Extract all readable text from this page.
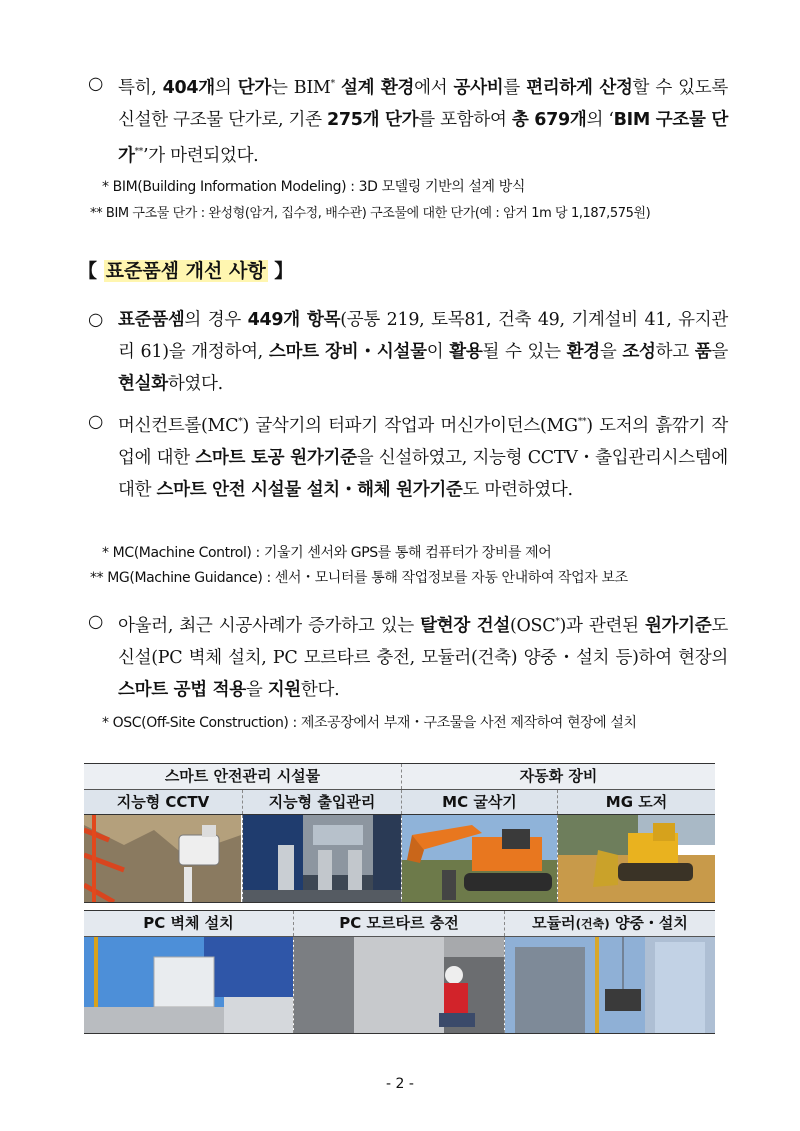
○ 특히, 404개의 단가는 BIM* 설계 환경에서 공사비를 편리하게 산정할 수 있도록 신설한 구조물 단가로, 기존 275개 단가를 포함하여 총 679개의 ‘BIM 구조물 단가**’가 마련되었다.
* BIM(Building Information Modeling) : 3D 모델링 기반의 설계 방식
** BIM 구조물 단가 : 완성형(암거, 집수정, 배수관) 구조물에 대한 단가(예 : 암거 1m 당 1,187,575원)
【 표준품셈 개선 사항 】
○ 표준품셈의 경우 449개 항목(공통 219, 토목81, 건축 49, 기계설비 41, 유지관리 61)을 개정하여, 스마트 장비・시설물이 활용될 수 있는 환경을 조성하고 품을 현실화하였다.
○ 머신컨트롤(MC*) 굴삭기의 터파기 작업과 머신가이던스(MG**) 도저의 흙깎기 작업에 대한 스마트 토공 원가기준을 신설하였고, 지능형 CCTV・출입관리시스템에 대한 스마트 안전 시설물 설치・해체 원가기준도 마련하였다.
* MC(Machine Control) : 기울기 센서와 GPS를 통해 컴퓨터가 장비를 제어
** MG(Machine Guidance) : 센서・모니터를 통해 작업정보를 자동 안내하여 작업자 보조
○ 아울러, 최근 시공사례가 증가하고 있는 탈현장 건설(OSC*)과 관련된 원가기준도 신설(PC 벽체 설치, PC 모르타르 충전, 모듈러(건축) 양중・설치 등)하여 현장의 스마트 공법 적용을 지원한다.
* OSC(Off-Site Construction) : 제조공장에서 부재・구조물을 사전 제작하여 현장에 설치
스마트 안전관리 시설물	자동화 장비
지능형 CCTV	지능형 출입관리	MC 굴삭기	MG 도저
PC 벽체 설치	PC 모르타르 충전	모듈러(건축) 양중・설치
- 2 -
